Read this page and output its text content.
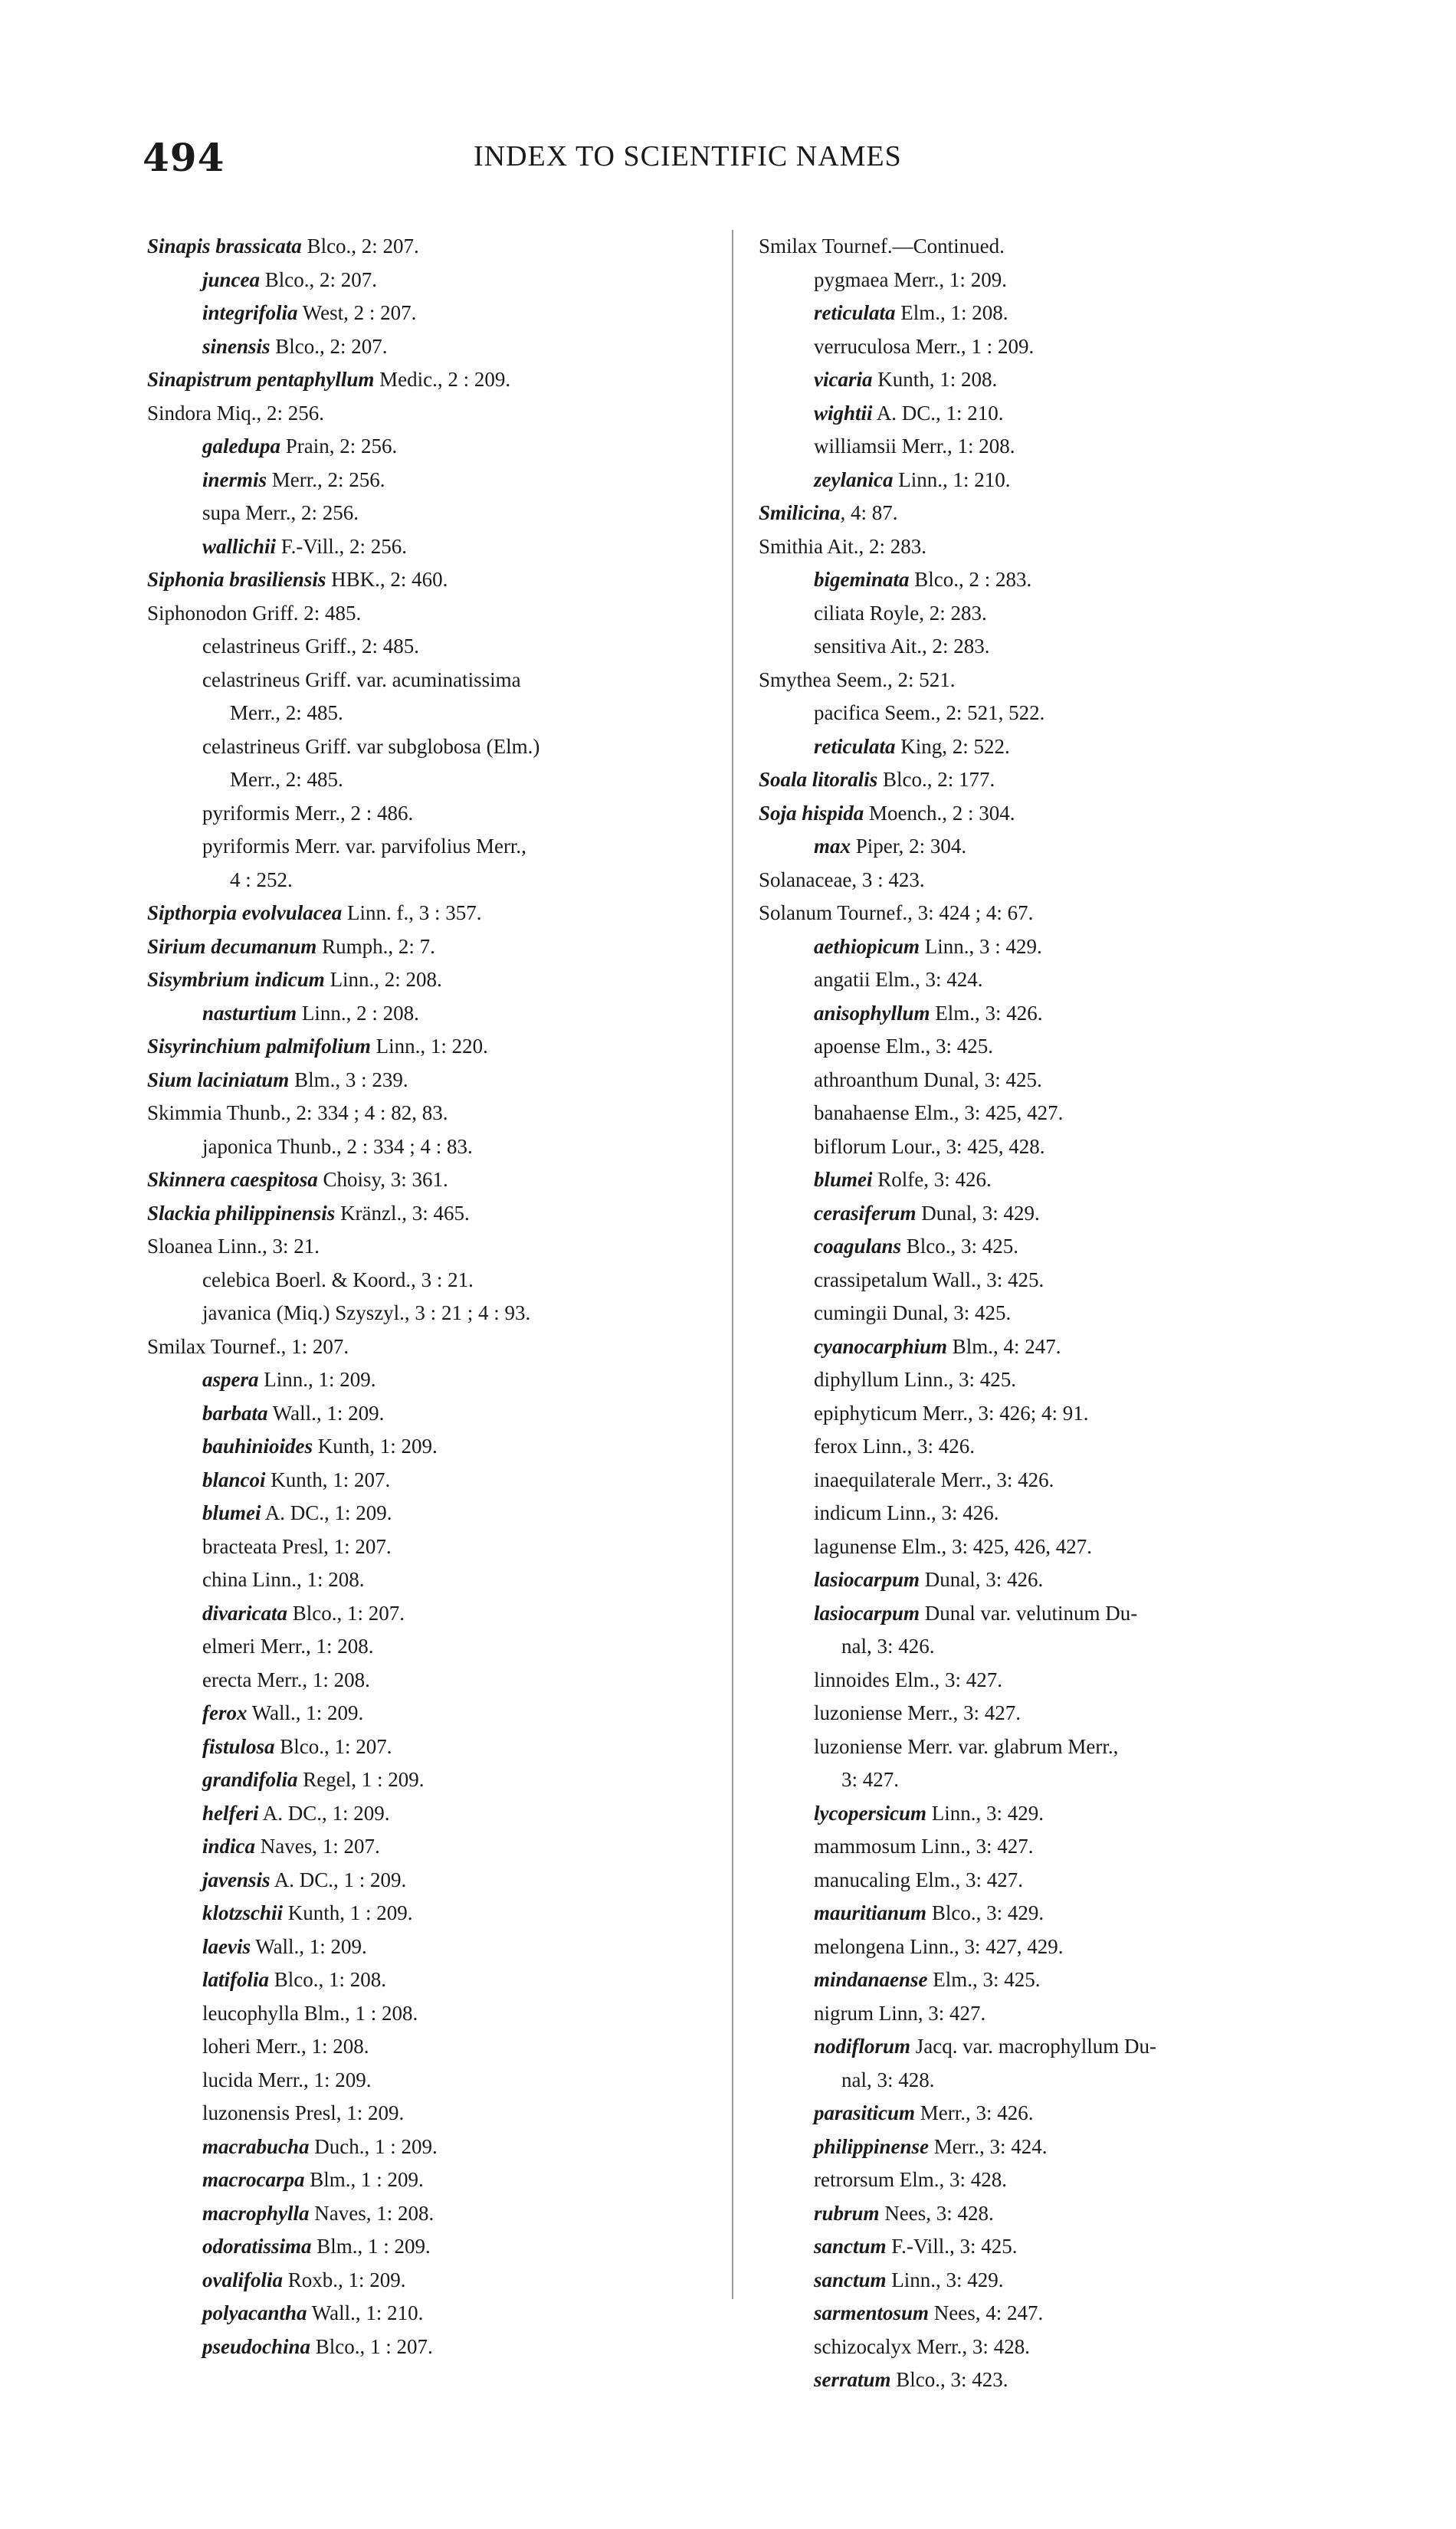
494	INDEX TO SCIENTIFIC NAMES
Sinapis brassicata Blco., 2: 207.
juncea Blco., 2: 207.
integrifolia West, 2 : 207.
sinensis Blco., 2: 207.
Sinapistrum pentaphyllum Medic., 2 : 209.
Sindora Miq., 2: 256.
galedupa Prain, 2: 256.
inermis Merr., 2: 256.
supa Merr., 2: 256.
wallichii F.-Vill., 2: 256.
Siphonia brasiliensis HBK., 2: 460.
Siphonodon Griff. 2: 485.
celastrineus Griff., 2: 485.
celastrineus Griff. var. acuminatissima
Merr., 2: 485.
celastrineus Griff. var subglobosa (Elm.)
Merr., 2: 485.
pyriformis Merr., 2 : 486.
pyriformis Merr. var. parvifolius Merr.,
4 : 252.
Sipthorpia evolvulacea Linn. f., 3 : 357.
Sirium decumanum Rumph., 2: 7.
Sisymbrium indicum Linn., 2: 208.
nasturtium Linn., 2 : 208.
Sisyrinchium palmifolium Linn., 1: 220.
Sium laciniatum Blm., 3 : 239.
Skimmia Thunb., 2: 334 ; 4 : 82, 83.
japonica Thunb., 2 : 334 ; 4 : 83.
Skinnera caespitosa Choisy, 3: 361.
Slackia philippinensis Kränzl., 3: 465.
Sloanea Linn., 3: 21.
celebica Boerl. & Koord., 3 : 21.
javanica (Miq.) Szyszyl., 3 : 21 ; 4 : 93.
Smilax Tournef., 1: 207.
aspera Linn., 1: 209.
barbata Wall., 1: 209.
bauhinioides Kunth, 1: 209.
blancoi Kunth, 1: 207.
blumei A. DC., 1: 209.
bracteata Presl, 1: 207.
china Linn., 1: 208.
divaricata Blco., 1: 207.
elmeri Merr., 1: 208.
erecta Merr., 1: 208.
ferox Wall., 1: 209.
fistulosa Blco., 1: 207.
grandifolia Regel, 1 : 209.
helferi A. DC., 1: 209.
indica Naves, 1: 207.
javensis A. DC., 1 : 209.
klotzschii Kunth, 1 : 209.
laevis Wall., 1: 209.
latifolia Blco., 1: 208.
leucophylla Blm., 1 : 208.
loheri Merr., 1: 208.
lucida Merr., 1: 209.
luzonensis Presl, 1: 209.
macrabucha Duch., 1 : 209.
macrocarpa Blm., 1 : 209.
macrophylla Naves, 1: 208.
odoratissima Blm., 1 : 209.
ovalifolia Roxb., 1: 209.
polyacantha Wall., 1: 210.
pseudochina Blco., 1 : 207.
Smilax Tournef.—Continued.
pygmaea Merr., 1: 209.
reticulata Elm., 1: 208.
verruculosa Merr., 1 : 209.
vicaria Kunth, 1: 208.
wightii A. DC., 1: 210.
williamsii Merr., 1: 208.
zeylanica Linn., 1: 210.
Smilicina, 4: 87.
Smithia Ait., 2: 283.
bigeminata Blco., 2 : 283.
ciliata Royle, 2: 283.
sensitiva Ait., 2: 283.
Smythea Seem., 2: 521.
pacifica Seem., 2: 521, 522.
reticulata King, 2: 522.
Soala litoralis Blco., 2: 177.
Soja hispida Moench., 2 : 304.
max Piper, 2: 304.
Solanaceae, 3 : 423.
Solanum Tournef., 3: 424 ; 4: 67.
aethiopicum Linn., 3 : 429.
angatii Elm., 3: 424.
anisophyllum Elm., 3: 426.
apoense Elm., 3: 425.
athroanthum Dunal, 3: 425.
banahaense Elm., 3: 425, 427.
biflorum Lour., 3: 425, 428.
blumei Rolfe, 3: 426.
cerasiferum Dunal, 3: 429.
coagulans Blco., 3: 425.
crassipetalum Wall., 3: 425.
cumingii Dunal, 3: 425.
cyanocarphium Blm., 4: 247.
diphyllum Linn., 3: 425.
epiphyticum Merr., 3: 426; 4: 91.
ferox Linn., 3: 426.
inaequilaterale Merr., 3: 426.
indicum Linn., 3: 426.
lagunense Elm., 3: 425, 426, 427.
lasiocarpum Dunal, 3: 426.
lasiocarpum Dunal var. velutinum Du-
nal, 3: 426.
linnoides Elm., 3: 427.
luzoniense Merr., 3: 427.
luzoniense Merr. var. glabrum Merr.,
3: 427.
lycopersicum Linn., 3: 429.
mammosum Linn., 3: 427.
manucaling Elm., 3: 427.
mauritianum Blco., 3: 429.
melongena Linn., 3: 427, 429.
mindanaense Elm., 3: 425.
nigrum Linn, 3: 427.
nodiflorum Jacq. var. macrophyllum Du-
nal, 3: 428.
parasiticum Merr., 3: 426.
philippinense Merr., 3: 424.
retrorsum Elm., 3: 428.
rubrum Nees, 3: 428.
sanctum F.-Vill., 3: 425.
sanctum Linn., 3: 429.
sarmentosum Nees, 4: 247.
schizocalyx Merr., 3: 428.
serratum Blco., 3: 423.
